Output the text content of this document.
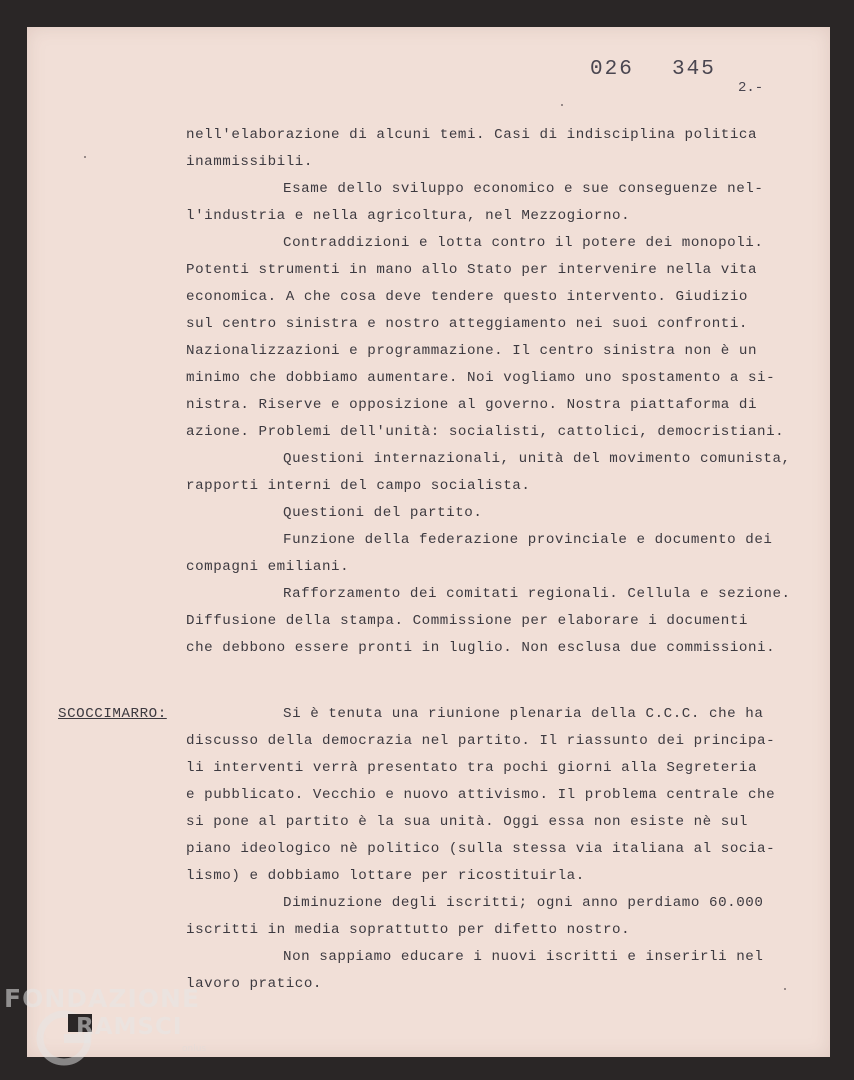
026 345
2.-

nell'elaborazione di alcuni temi. Casi di indisciplina politica

inammissibili.

Esame dello sviluppo economico e sue conseguenze nel-

l'industria e nella agricoltura, nel Mezzogiorno.

Contraddizioni e lotta contro il potere dei monopoli.

Potenti strumenti in mano allo Stato per intervenire nella vita

economica. A che cosa deve tendere questo intervento. Giudizio

sul centro sinistra e nostro atteggiamento nei suoi confronti.

Nazionalizzazioni e programmazione. Il centro sinistra non è un

minimo che dobbiamo aumentare. Noi vogliamo uno spostamento a si-

nistra. Riserve e opposizione al governo. Nostra piattaforma di

azione. Problemi dell'unità: socialisti, cattolici, democristiani.

Questioni internazionali, unità del movimento comunista,

rapporti interni del campo socialista.

Questioni del partito.

Funzione della federazione provinciale e documento dei

compagni emiliani.

Rafforzamento dei comitati regionali. Cellula e sezione.

Diffusione della stampa. Commissione per elaborare i documenti

che debbono essere pronti in luglio. Non esclusa due commissioni.

SCOCCIMARRO:	Si è tenuta una riunione plenaria della C.C.C. che ha

discusso della democrazia nel partito. Il riassunto dei principa-

li interventi verrà presentato tra pochi giorni alla Segreteria

e pubblicato. Vecchio e nuovo attivismo. Il problema centrale che

si pone al partito è la sua unità. Oggi essa non esiste nè sul

piano ideologico nè politico (sulla stessa via italiana al socia-

lismo) e dobbiamo lottare per ricostituirla.

Diminuzione degli iscritti; ogni anno perdiamo 60.000

iscritti in media soprattutto per difetto nostro.

Non sappiamo educare i nuovi iscritti e inserirli nel

lavoro pratico.

FONDAZIONE
RAMSCI
onlus
